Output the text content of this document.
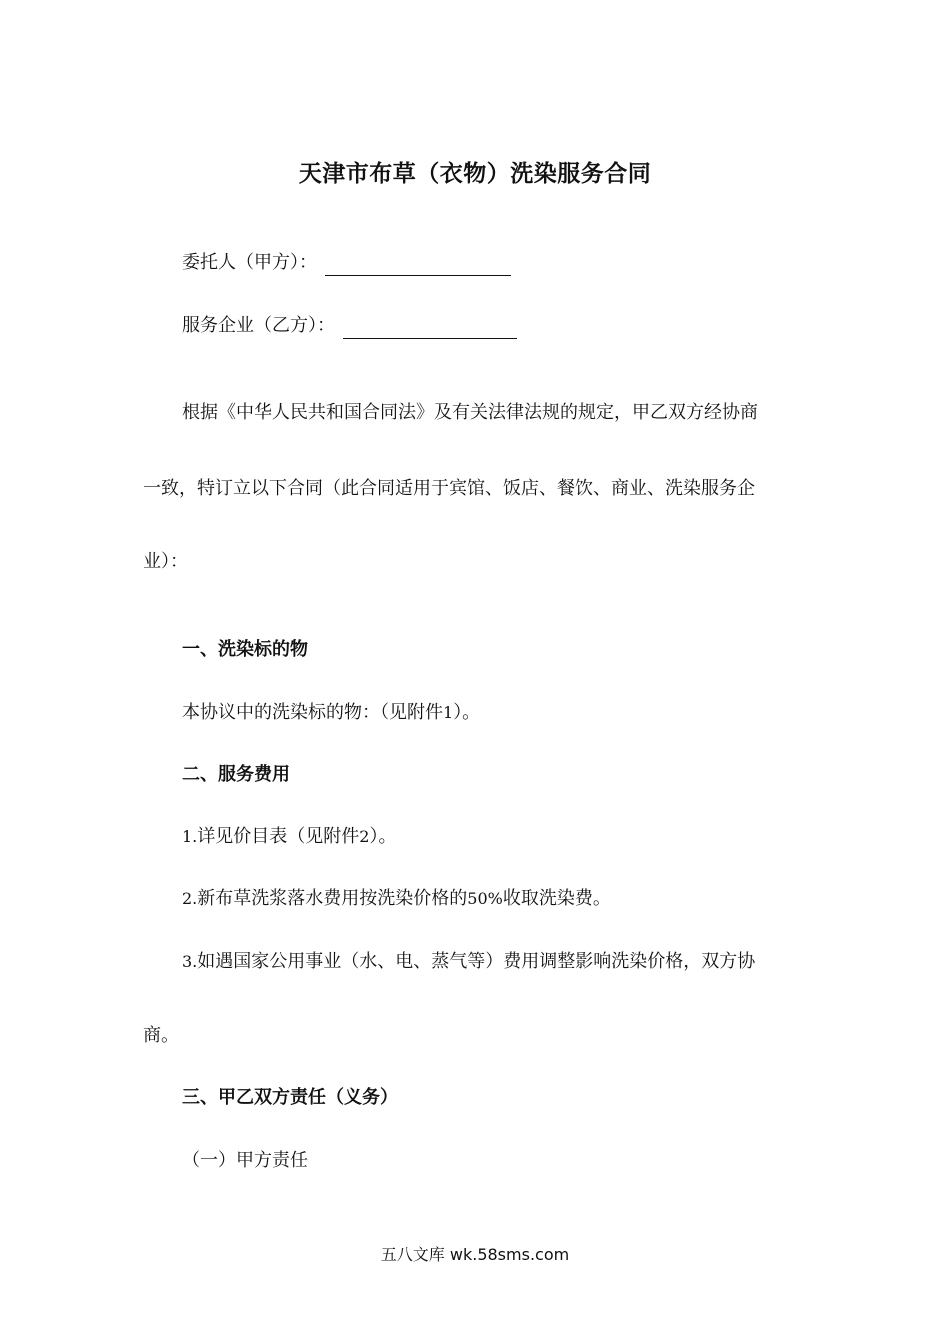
天津市布草（衣物）洗染服务合同
委托人（甲方）：
服务企业（乙方）：
根据《中华人民共和国合同法》及有关法律法规的规定，甲乙双方经协商
一致，特订立以下合同（此合同适用于宾馆、饭店、餐饮、商业、洗染服务企
业）：
一、洗染标的物
本协议中的洗染标的物：（见附件1）。
二、服务费用
1.详见价目表（见附件2）。
2.新布草洗浆落水费用按洗染价格的50%收取洗染费。
3.如遇国家公用事业（水、电、蒸气等）费用调整影响洗染价格，双方协
商。
三、甲乙双方责任（义务）
（一）甲方责任
五八文库 wk.58sms.com
